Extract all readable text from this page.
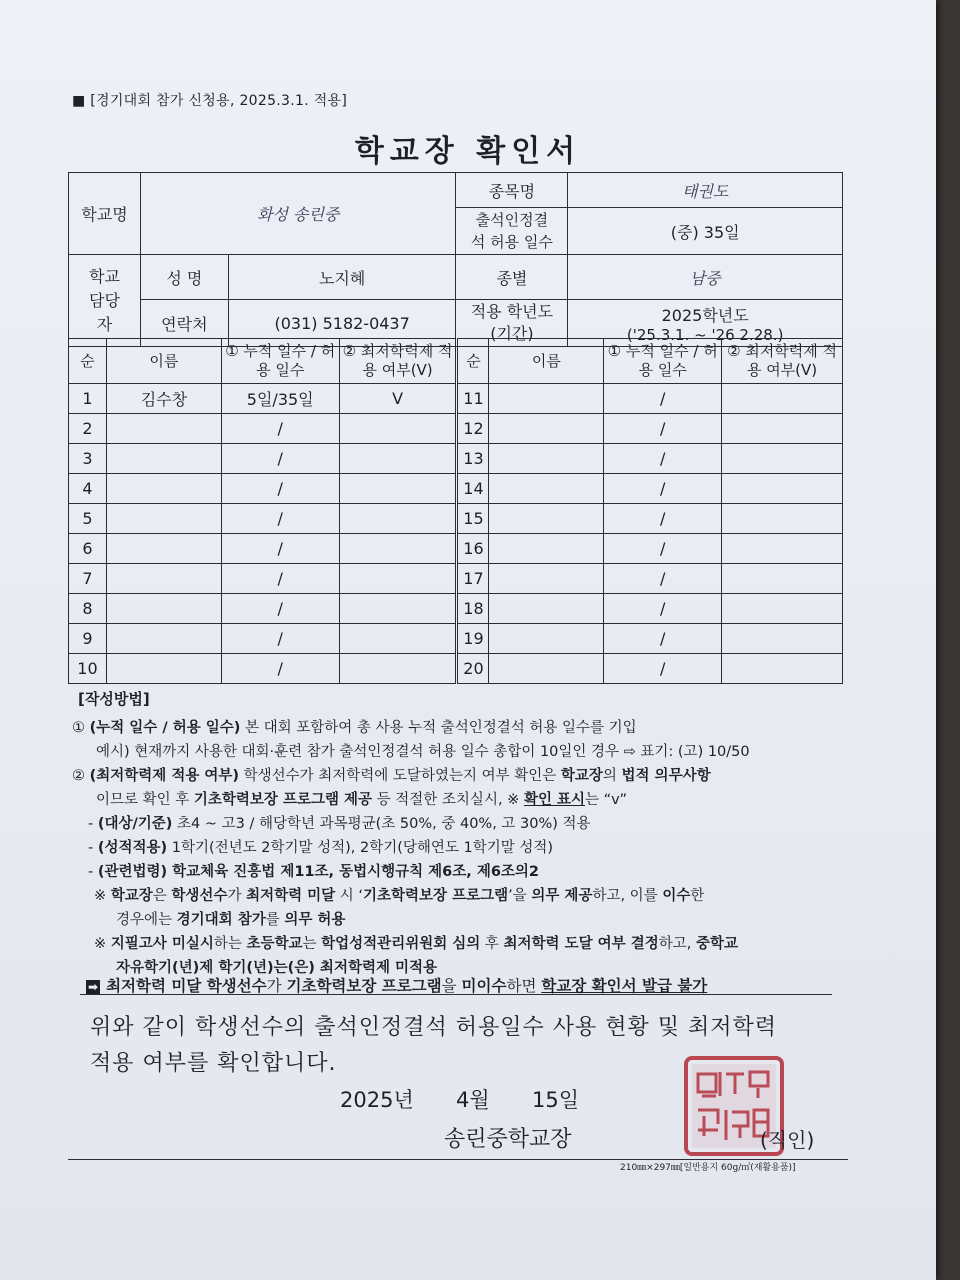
■ [경기대회 참가 신청용, 2025.3.1. 적용]
학교장 확인서
학교명	화성 송린중		종목명	태권도
			출석인정결석 허용 일수	(중) 35일
학교 담당자	성 명	노지혜	종별	남중
	연락처	(031) 5182-0437	적용 학년도 (기간)	2025학년도
('25.3.1. ~ '26 2.28.)
순	이름	① 누적 일수 / 허용 일수	② 최저학력제 적용 여부(V)	순	이름	① 누적 일수 / 허용 일수	② 최저학력제 적용 여부(V)
1	김수창	5일/35일	V	11		/	
2		/		12		/	
3		/		13		/	
4		/		14		/	
5		/		15		/	
6		/		16		/	
7		/		17		/	
8		/		18		/	
9		/		19		/	
10		/		20		/	
[작성방법]
① (누적 일수 / 허용 일수) 본 대회 포함하여 총 사용 누적 출석인정결석 허용 일수를 기입
예시) 현재까지 사용한 대회·훈련 참가 출석인정결석 허용 일수 총합이 10일인 경우 ⇨ 표기: (고) 10/50
② (최저학력제 적용 여부) 학생선수가 최저학력에 도달하였는지 여부 확인은 학교장의 법적 의무사항
이므로 확인 후 기초학력보장 프로그램 제공 등 적절한 조치실시, ※ 확인 표시는 “v”
- (대상/기준) 초4 ~ 고3 / 해당학년 과목평균(초 50%, 중 40%, 고 30%) 적용
- (성적적용) 1학기(전년도 2학기말 성적), 2학기(당해연도 1학기말 성적)
- (관련법령) 학교체육 진흥법 제11조, 동법시행규칙 제6조, 제6조의2
※ 학교장은 학생선수가 최저학력 미달 시 ‘기초학력보장 프로그램’을 의무 제공하고, 이를 이수한
경우에는 경기대회 참가를 의무 허용
※ 지필고사 미실시하는 초등학교는 학업성적관리위원회 심의 후 최저학력 도달 여부 결정하고, 중학교
자유학기(년)제 학기(년)는(은) 최저학력제 미적용
➡ 최저학력 미달 학생선수가 기초학력보장 프로그램을 미이수하면 학교장 확인서 발급 불가
위와 같이 학생선수의 출석인정결석 허용일수 사용 현황 및 최저학력
적용 여부를 확인합니다.
2025년 4월 15일
송린중학교장	(직인)
210㎜×297㎜[일반용지 60g/㎡(재활용품)]
